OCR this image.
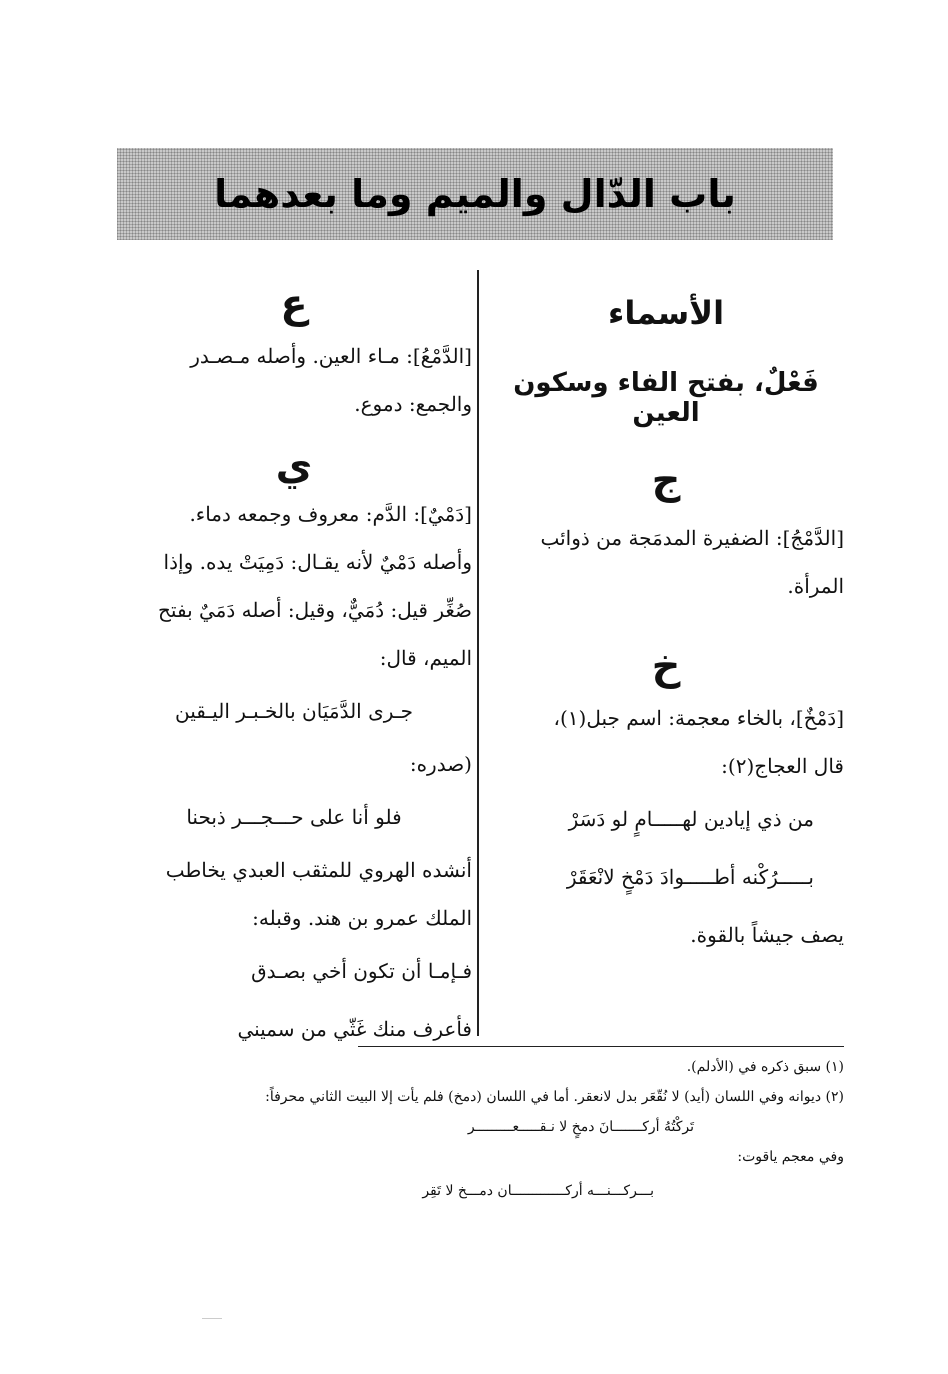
باب الدّال والميم وما بعدهما
الأسماء
فَعْلٌ، بفتح الفاء وسكون العين
ج

[الدَّمْجُ]: الضفيرة المدمَجة من ذوائب

المرأة.

خ

[دَمْخٌ]، بالخاء معجمة: اسم جبل(١)،

قال العجاج(٢):

من ذي إيادين لهـــــامٍ لو دَسَرْ

بـــــرُكْنه أطـــــوادَ دَمْخٍ لانْعَقَرْ

يصف جيشاً بالقوة.

ع

[الدَّمْعُ]: مـاء العين. وأصله مـصـدر

والجمع: دموع.

ي

[دَمْيٌ]: الدَّم: معروف وجمعه دماء.

وأصله دَمْيٌ لأنه يقـال: دَمِيَتْ يده. وإذا

صُغِّر قيل: دُمَيٌّ، وقيل: أصله دَمَيٌ بفتح

الميم، قال:

جـرى الدَّمَيَان بالخـبـر اليـقين

(صدره:

فلو أنا على حـــجـــر ذبحنا

أنشده الهروي للمثقب العبدي يخاطب

الملك عمرو بن هند. وقبله:

فـإمـا أن تكون أخي بصـدق

فأعرف منك غَثّي من سميني

(١) سبق ذكره في (الأدلم).

(٢) ديوانه وفي اللسان (أيد) لا نُقّعَر بدل لانعقر. أما في اللسان (دمخ) فلم يأت إلا البيت الثاني محرفاً:

تَركْتُهُ أركـــــــانَ دمخٍ لا نـقـــــعـــــــــر

وفي معجم ياقوت:

بـــركـــنـــه أركـــــــــــــان دمـــخ لا تَقِر
